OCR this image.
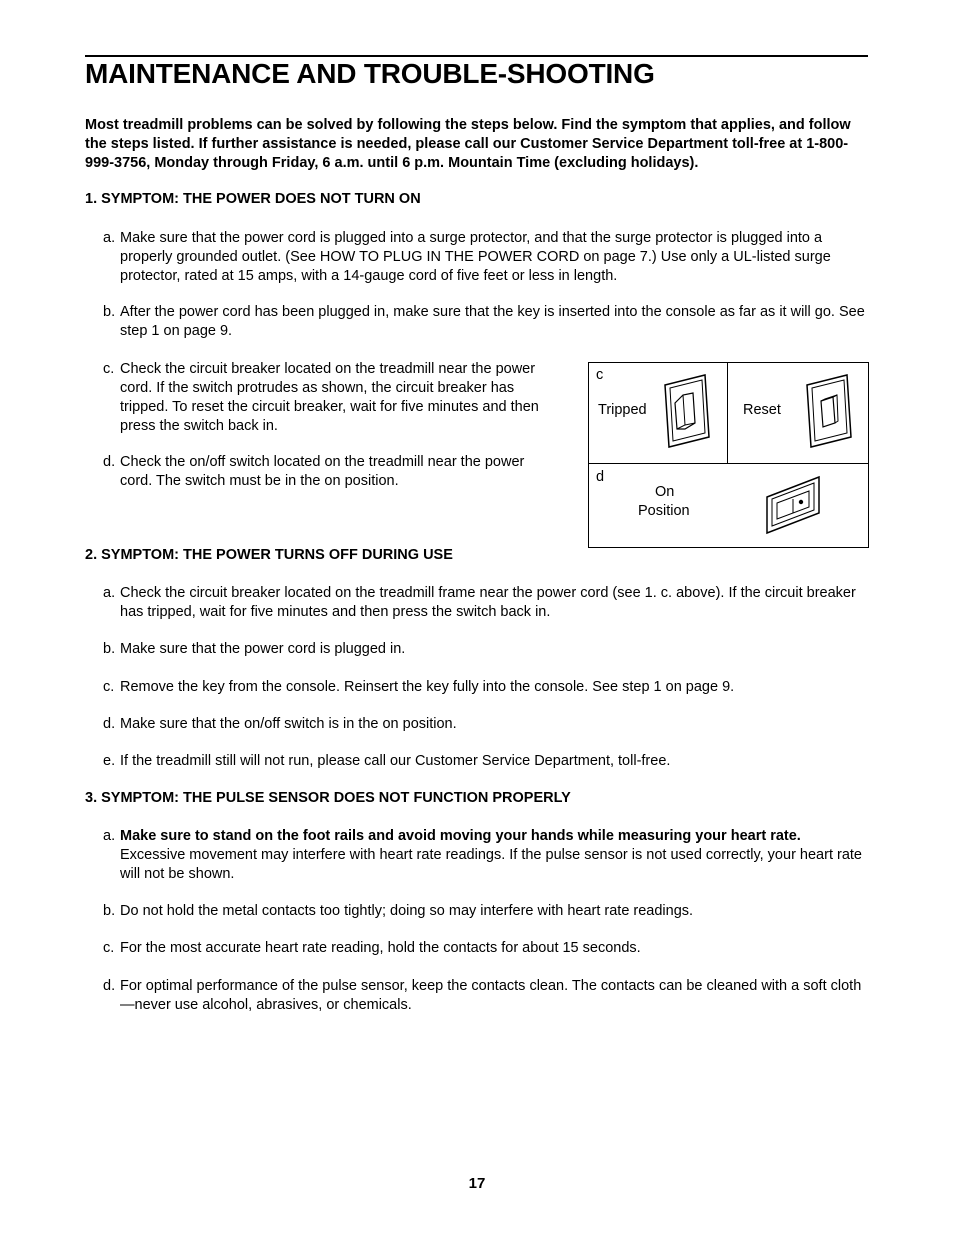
MAINTENANCE AND TROUBLE-SHOOTING
Most treadmill problems can be solved by following the steps below. Find the symptom that applies, and follow the steps listed. If further assistance is needed, please call our Customer Service Department toll-free at 1-800-999-3756, Monday through Friday, 6 a.m. until 6 p.m. Mountain Time (excluding holidays).
1. SYMPTOM: THE POWER DOES NOT TURN ON
a. Make sure that the power cord is plugged into a surge protector, and that the surge protector is plugged into a properly grounded outlet. (See HOW TO PLUG IN THE POWER CORD on page 7.) Use only a UL-listed surge protector, rated at 15 amps, with a 14-gauge cord of five feet or less in length.
b. After the power cord has been plugged in, make sure that the key is inserted into the console as far as it will go. See step 1 on page 9.
c. Check the circuit breaker located on the treadmill near the power cord. If the switch protrudes as shown, the circuit breaker has tripped. To reset the circuit breaker, wait for five minutes and then press the switch back in.
d. Check the on/off switch located on the treadmill near the power cord. The switch must be in the on position.
c
Tripped	Reset
d
On
Position
2. SYMPTOM: THE POWER TURNS OFF DURING USE
a. Check the circuit breaker located on the treadmill frame near the power cord (see 1. c. above). If the circuit breaker has tripped, wait for five minutes and then press the switch back in.
b. Make sure that the power cord is plugged in.
c. Remove the key from the console. Reinsert the key fully into the console. See step 1 on page 9.
d. Make sure that the on/off switch is in the on position.
e. If the treadmill still will not run, please call our Customer Service Department, toll-free.
3. SYMPTOM: THE PULSE SENSOR DOES NOT FUNCTION PROPERLY
a. Make sure to stand on the foot rails and avoid moving your hands while measuring your heart rate. Excessive movement may interfere with heart rate readings. If the pulse sensor is not used correctly, your heart rate will not be shown.
b. Do not hold the metal contacts too tightly; doing so may interfere with heart rate readings.
c. For the most accurate heart rate reading, hold the contacts for about 15 seconds.
d. For optimal performance of the pulse sensor, keep the contacts clean. The contacts can be cleaned with a soft cloth—never use alcohol, abrasives, or chemicals.
17
